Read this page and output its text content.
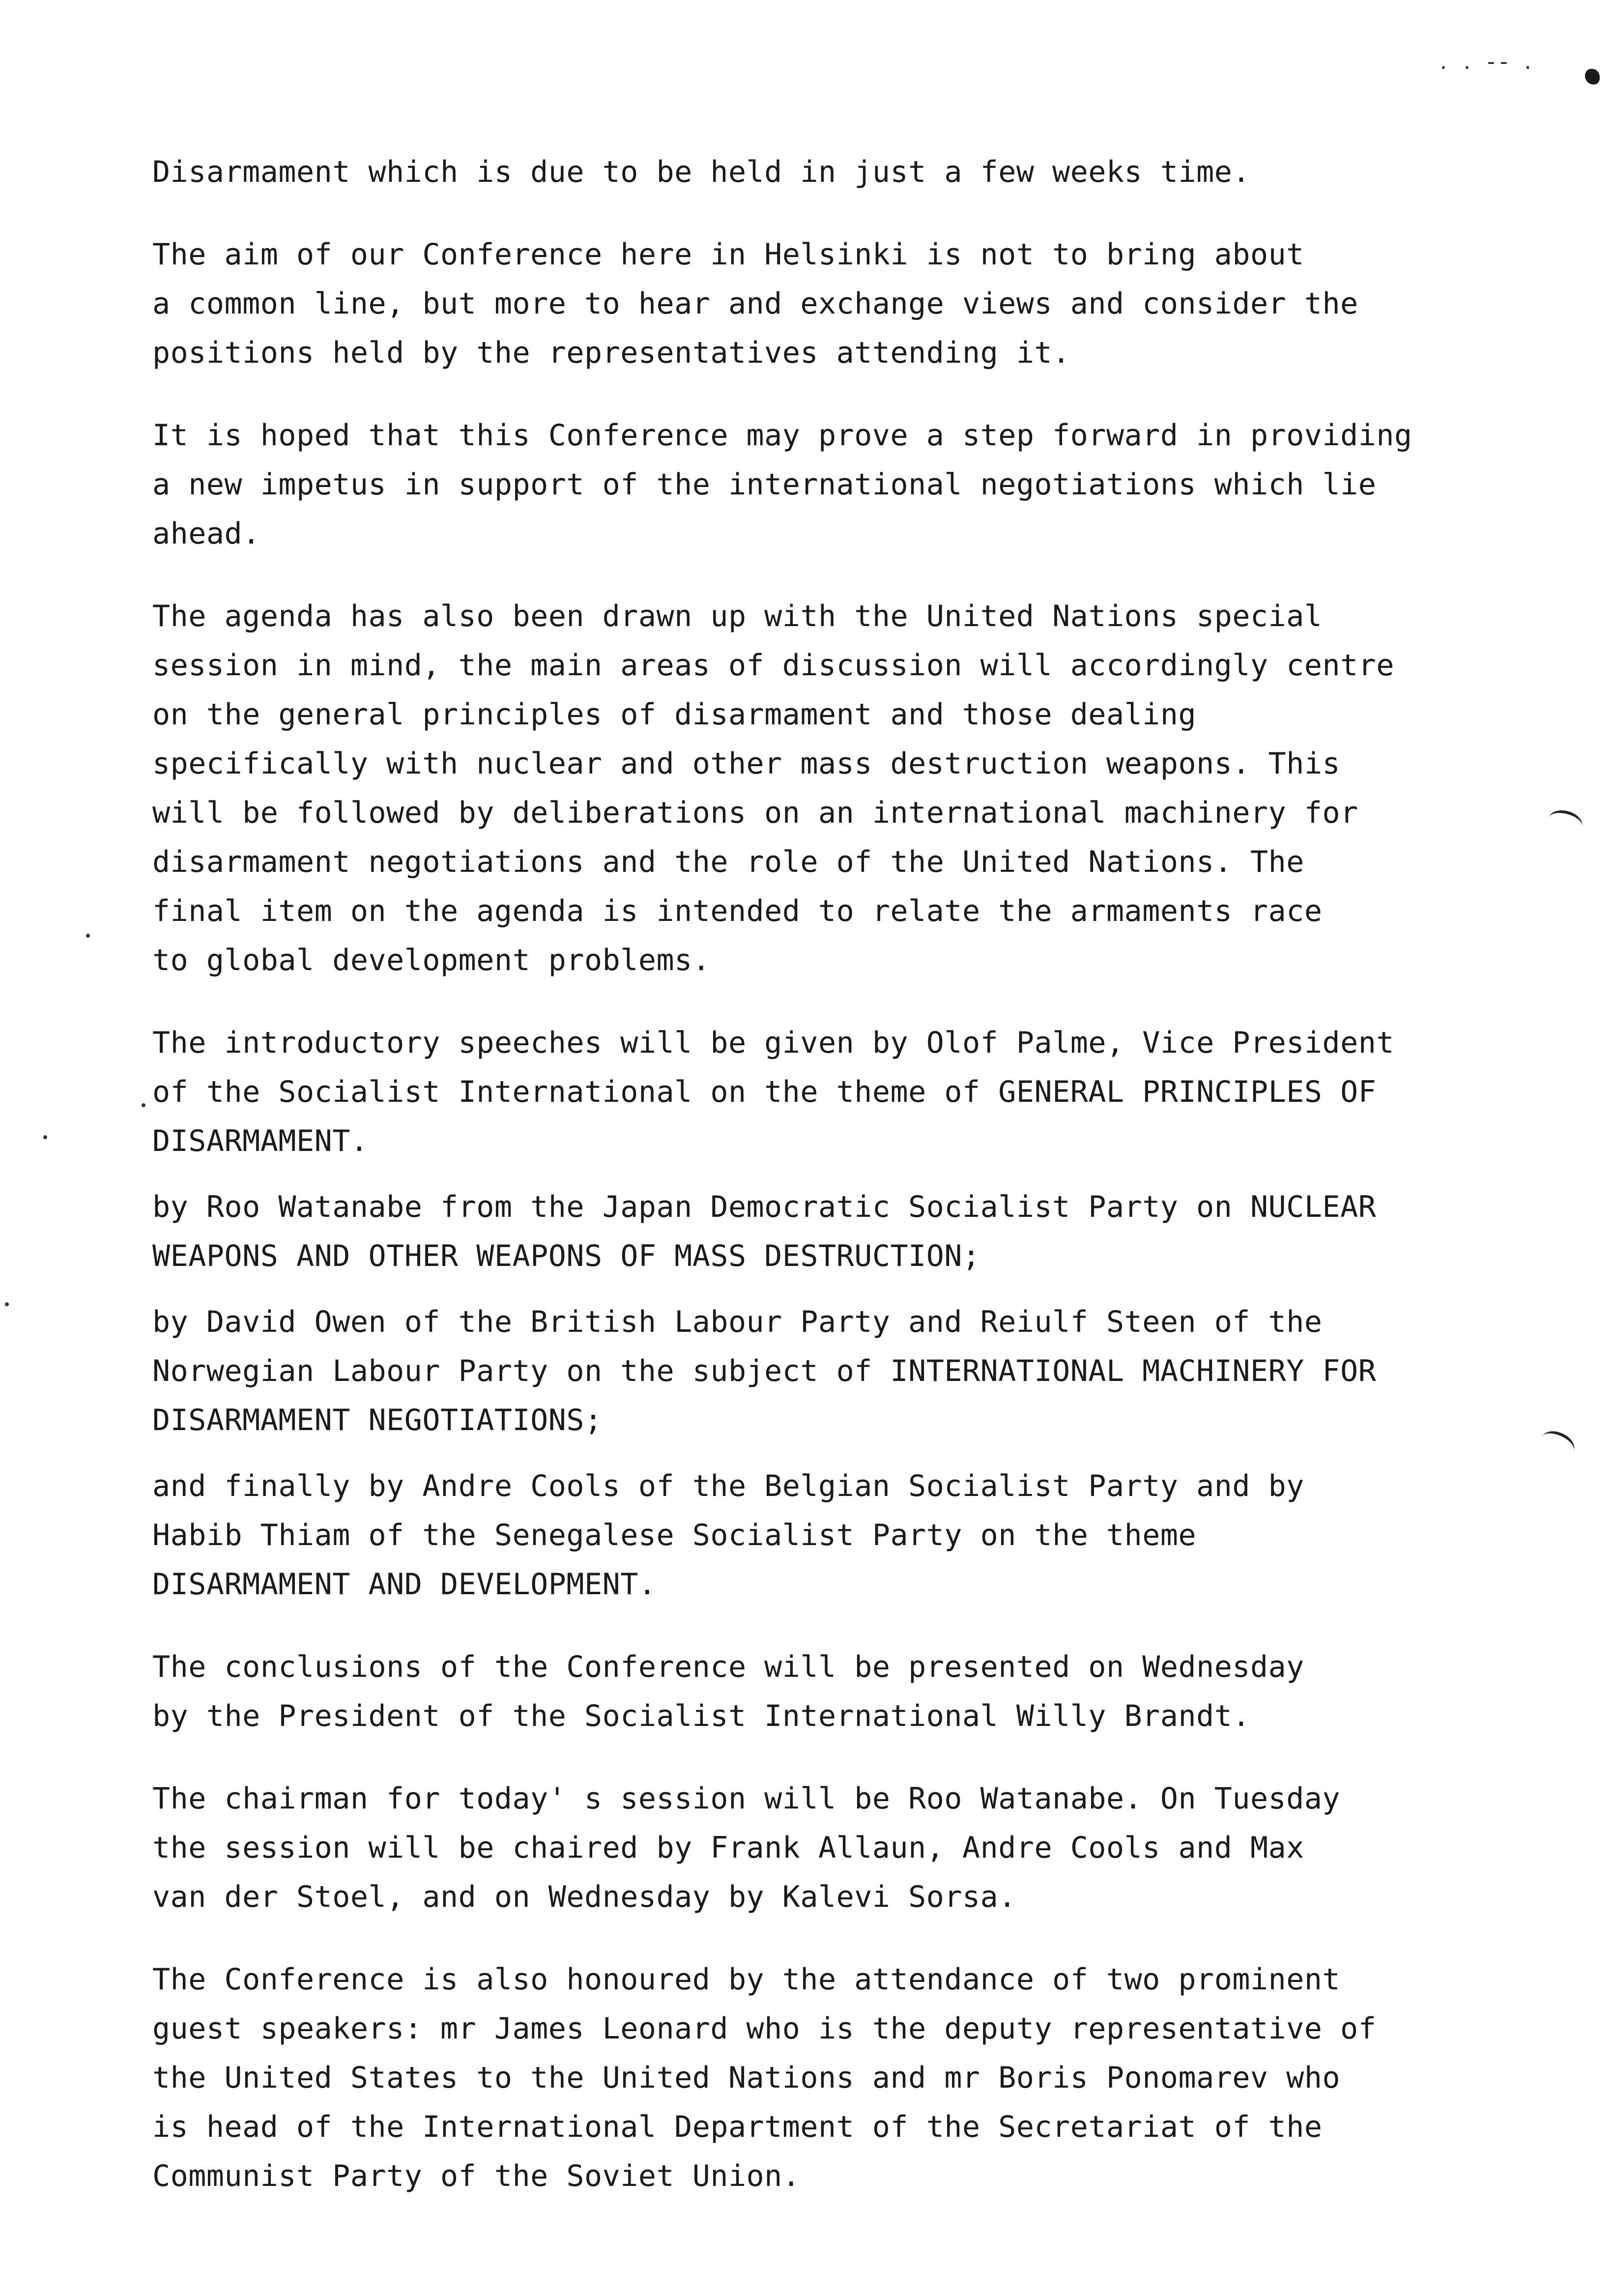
. . -- .

Disarmament which is due to be held in just a few weeks time.

The aim of our Conference here in Helsinki is not to bring about
a common line, but more to hear and exchange views and consider the
positions held by the representatives attending it.

It is hoped that this Conference may prove a step forward in providing
a new impetus in support of the international negotiations which lie
ahead.

The agenda has also been drawn up with the United Nations special
session in mind, the main areas of discussion will accordingly centre
on the general principles of disarmament and those dealing
specifically with nuclear and other mass destruction weapons. This
will be followed by deliberations on an international machinery for
disarmament negotiations and the role of the United Nations. The
final item on the agenda is intended to relate the armaments race
to global development problems.

The introductory speeches will be given by Olof Palme, Vice President
of the Socialist International on the theme of GENERAL PRINCIPLES OF
DISARMAMENT.

by Roo Watanabe from the Japan Democratic Socialist Party on NUCLEAR
WEAPONS AND OTHER WEAPONS OF MASS DESTRUCTION;

by David Owen of the British Labour Party and Reiulf Steen of the
Norwegian Labour Party on the subject of INTERNATIONAL MACHINERY FOR
DISARMAMENT NEGOTIATIONS;

and finally by Andre Cools of the Belgian Socialist Party and by
Habib Thiam of the Senegalese Socialist Party on the theme
DISARMAMENT AND DEVELOPMENT.

The conclusions of the Conference will be presented on Wednesday
by the President of the Socialist International Willy Brandt.

The chairman for today' s session will be Roo Watanabe. On Tuesday
the session will be chaired by Frank Allaun, Andre Cools and Max
van der Stoel, and on Wednesday by Kalevi Sorsa.

The Conference is also honoured by the attendance of two prominent
guest speakers: mr James Leonard who is the deputy representative of
the United States to the United Nations and mr Boris Ponomarev who
is head of the International Department of the Secretariat of the
Communist Party of the Soviet Union.
